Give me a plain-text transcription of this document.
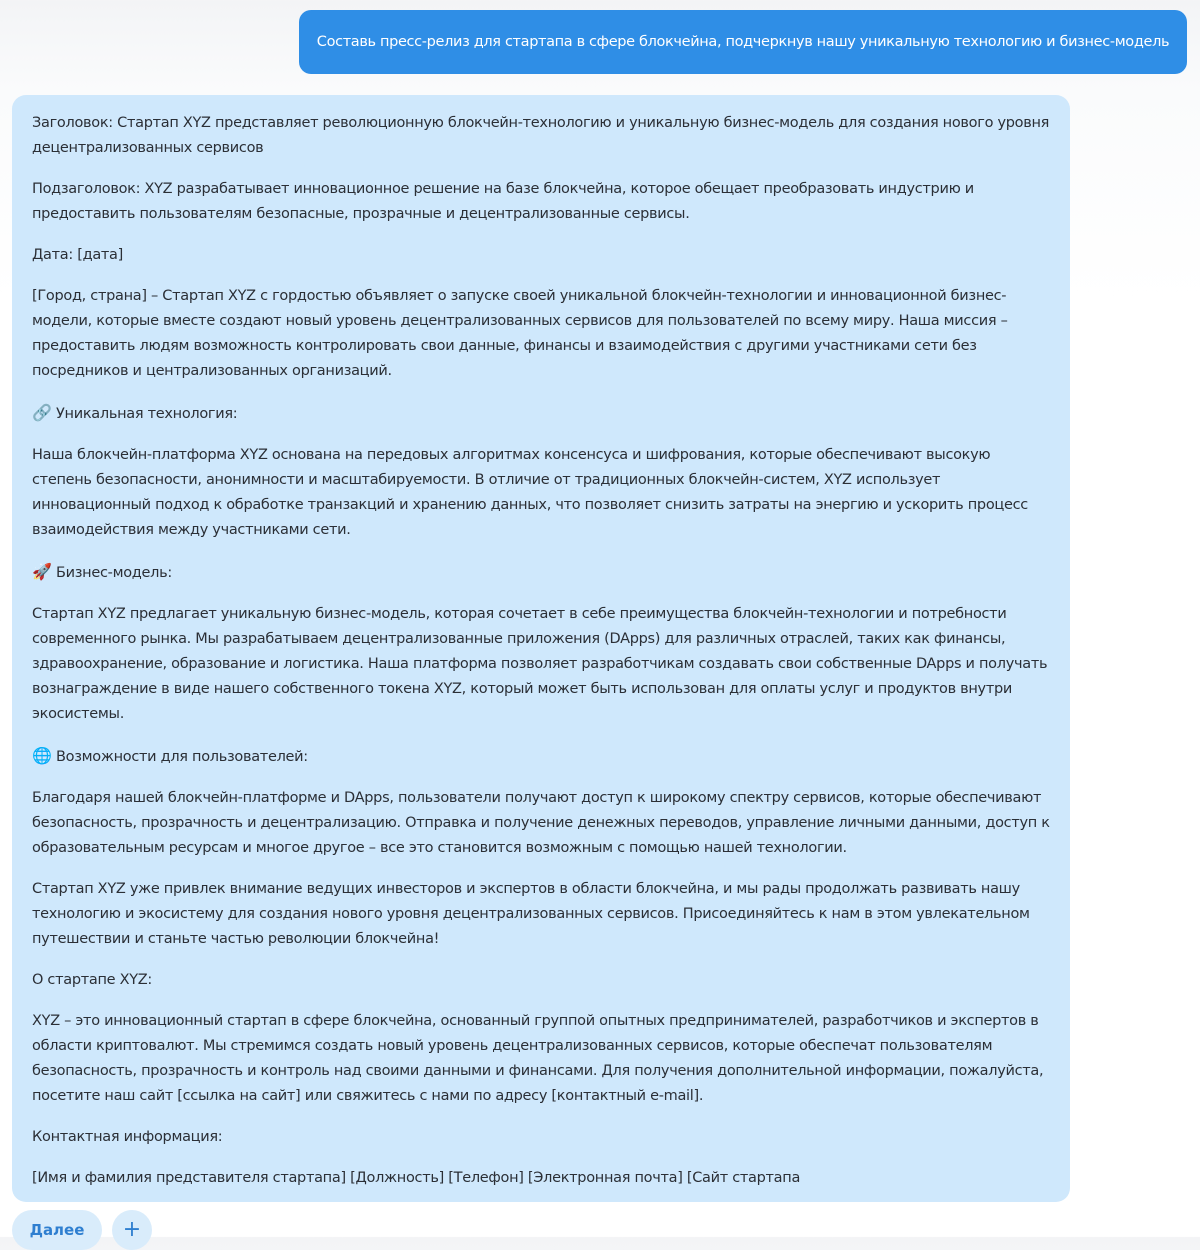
Составь пресс-релиз для стартапа в сфере блокчейна, подчеркнув нашу уникальную технологию и бизнес-модель

Заголовок: Стартап XYZ представляет революционную блокчейн-технологию и уникальную бизнес-модель для создания нового уровня децентрализованных сервисов

Подзаголовок: XYZ разрабатывает инновационное решение на базе блокчейна, которое обещает преобразовать индустрию и предоставить пользователям безопасные, прозрачные и децентрализованные сервисы.

Дата: [дата]

[Город, страна] – Стартап XYZ с гордостью объявляет о запуске своей уникальной блокчейн-технологии и инновационной бизнес-модели, которые вместе создают новый уровень децентрализованных сервисов для пользователей по всему миру. Наша миссия – предоставить людям возможность контролировать свои данные, финансы и взаимодействия с другими участниками сети без посредников и централизованных организаций.

🔗 Уникальная технология:

Наша блокчейн-платформа XYZ основана на передовых алгоритмах консенсуса и шифрования, которые обеспечивают высокую степень безопасности, анонимности и масштабируемости. В отличие от традиционных блокчейн-систем, XYZ использует инновационный подход к обработке транзакций и хранению данных, что позволяет снизить затраты на энергию и ускорить процесс взаимодействия между участниками сети.

🚀 Бизнес-модель:

Стартап XYZ предлагает уникальную бизнес-модель, которая сочетает в себе преимущества блокчейн-технологии и потребности современного рынка. Мы разрабатываем децентрализованные приложения (DApps) для различных отраслей, таких как финансы, здравоохранение, образование и логистика. Наша платформа позволяет разработчикам создавать свои собственные DApps и получать вознаграждение в виде нашего собственного токена XYZ, который может быть использован для оплаты услуг и продуктов внутри экосистемы.

🌐 Возможности для пользователей:

Благодаря нашей блокчейн-платформе и DApps, пользователи получают доступ к широкому спектру сервисов, которые обеспечивают безопасность, прозрачность и децентрализацию. Отправка и получение денежных переводов, управление личными данными, доступ к образовательным ресурсам и многое другое – все это становится возможным с помощью нашей технологии.

Стартап XYZ уже привлек внимание ведущих инвесторов и экспертов в области блокчейна, и мы рады продолжать развивать нашу технологию и экосистему для создания нового уровня децентрализованных сервисов. Присоединяйтесь к нам в этом увлекательном путешествии и станьте частью революции блокчейна!

О стартапе XYZ:

XYZ – это инновационный стартап в сфере блокчейна, основанный группой опытных предпринимателей, разработчиков и экспертов в области криптовалют. Мы стремимся создать новый уровень децентрализованных сервисов, которые обеспечат пользователям безопасность, прозрачность и контроль над своими данными и финансами. Для получения дополнительной информации, пожалуйста, посетите наш сайт [ссылка на сайт] или свяжитесь с нами по адресу [контактный e-mail].

Контактная информация:

[Имя и фамилия представителя стартапа] [Должность] [Телефон] [Электронная почта] [Сайт стартапа

Далее	+
